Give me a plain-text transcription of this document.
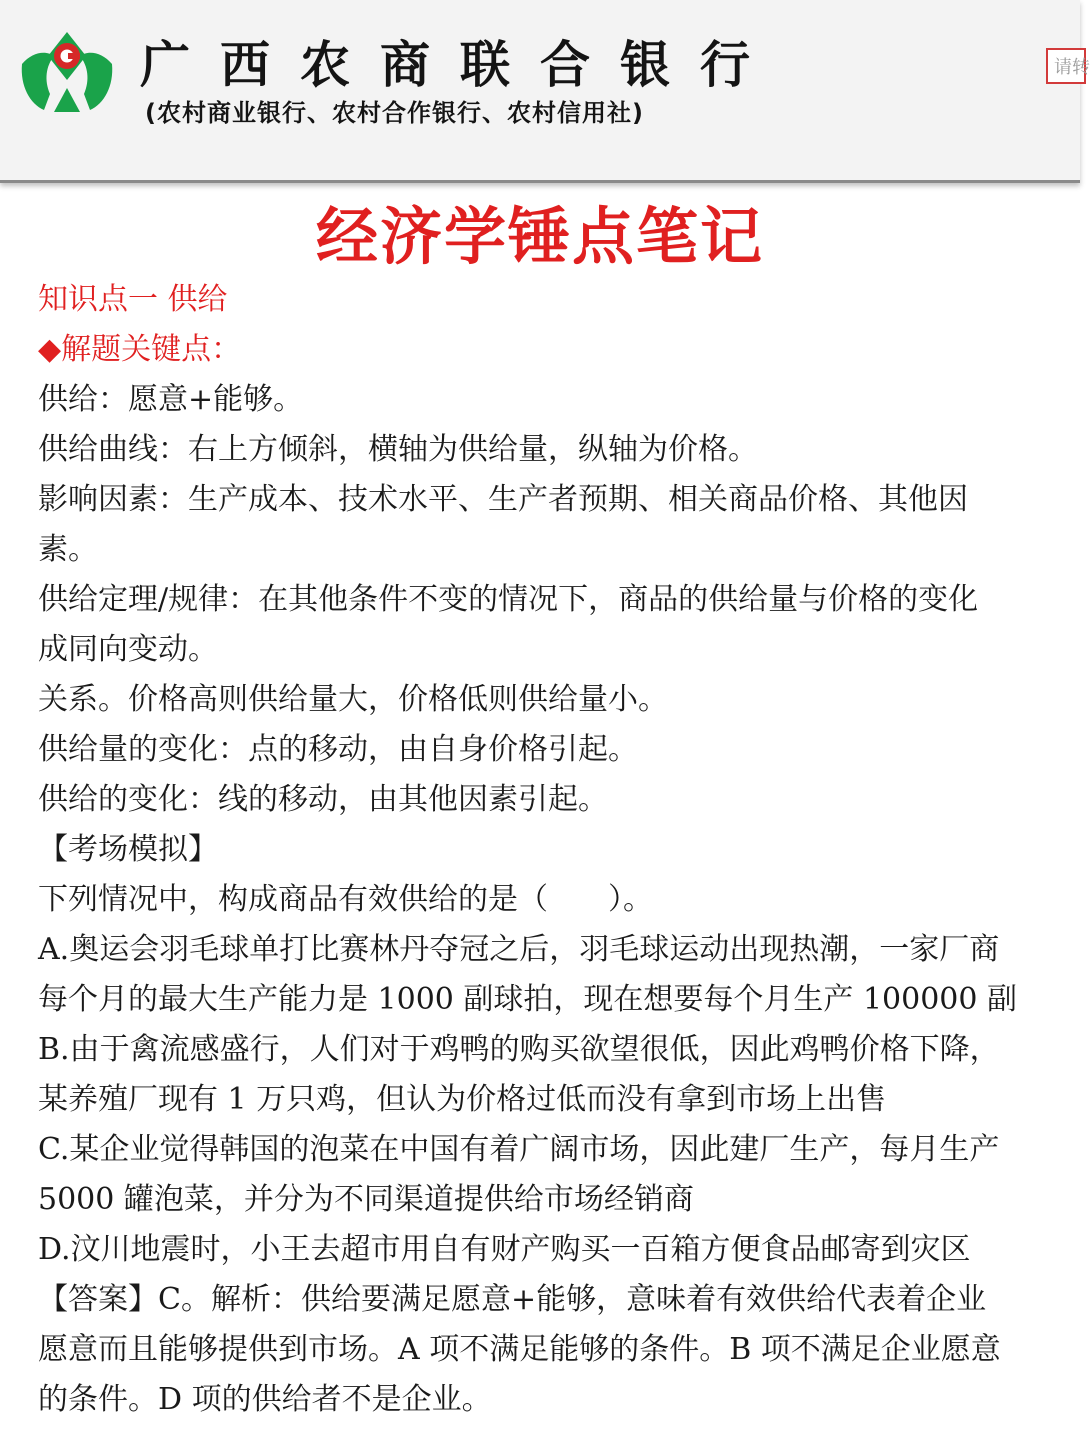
广西农商联合银行
(农村商业银行、农村合作银行、农村信用社)
请转
经济学锤点笔记
知识点一 供给
◆解题关键点：
供给：愿意+能够。
供给曲线：右上方倾斜，横轴为供给量，纵轴为价格。
影响因素：生产成本、技术水平、生产者预期、相关商品价格、其他因
素。
供给定理/规律：在其他条件不变的情况下，商品的供给量与价格的变化
成同向变动。
关系。价格高则供给量大，价格低则供给量小。
供给量的变化：点的移动，由自身价格引起。
供给的变化：线的移动，由其他因素引起。
【考场模拟】
下列情况中，构成商品有效供给的是（　　）。
A.奥运会羽毛球单打比赛林丹夺冠之后，羽毛球运动出现热潮，一家厂商
每个月的最大生产能力是 1000 副球拍，现在想要每个月生产 100000 副
B.由于禽流感盛行，人们对于鸡鸭的购买欲望很低，因此鸡鸭价格下降，
某养殖厂现有 1 万只鸡，但认为价格过低而没有拿到市场上出售
C.某企业觉得韩国的泡菜在中国有着广阔市场，因此建厂生产，每月生产
5000 罐泡菜，并分为不同渠道提供给市场经销商
D.汶川地震时，小王去超市用自有财产购买一百箱方便食品邮寄到灾区
【答案】C。解析：供给要满足愿意+能够，意味着有效供给代表着企业
愿意而且能够提供到市场。A 项不满足能够的条件。B 项不满足企业愿意
的条件。D 项的供给者不是企业。
